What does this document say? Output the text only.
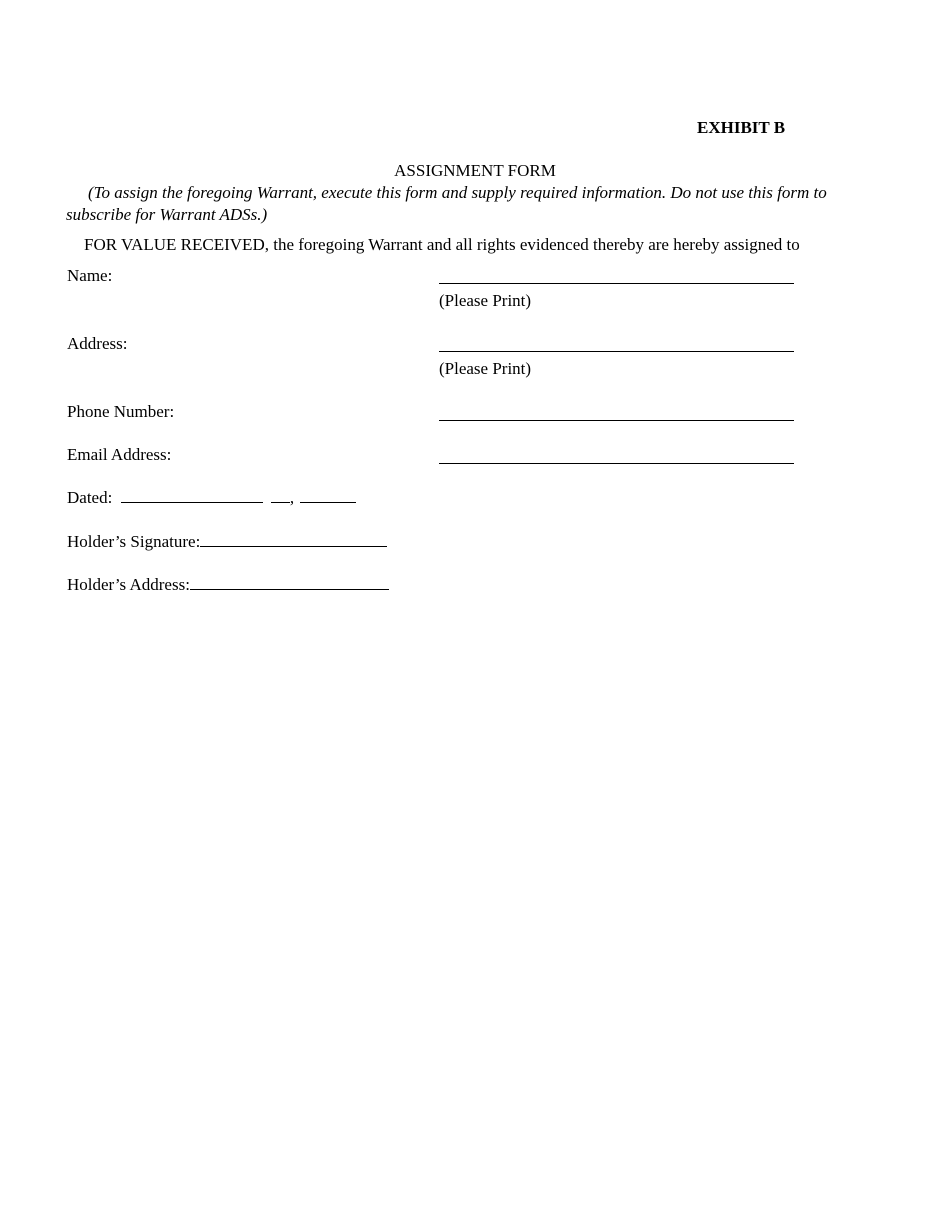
EXHIBIT B
ASSIGNMENT FORM
(To assign the foregoing Warrant, execute this form and supply required information. Do not use this form to subscribe for Warrant ADSs.)
FOR VALUE RECEIVED, the foregoing Warrant and all rights evidenced thereby are hereby assigned to
Name:
(Please Print)
Address:
(Please Print)
Phone Number:
Email Address:
Dated:	,
Holder’s Signature:
Holder’s Address:
